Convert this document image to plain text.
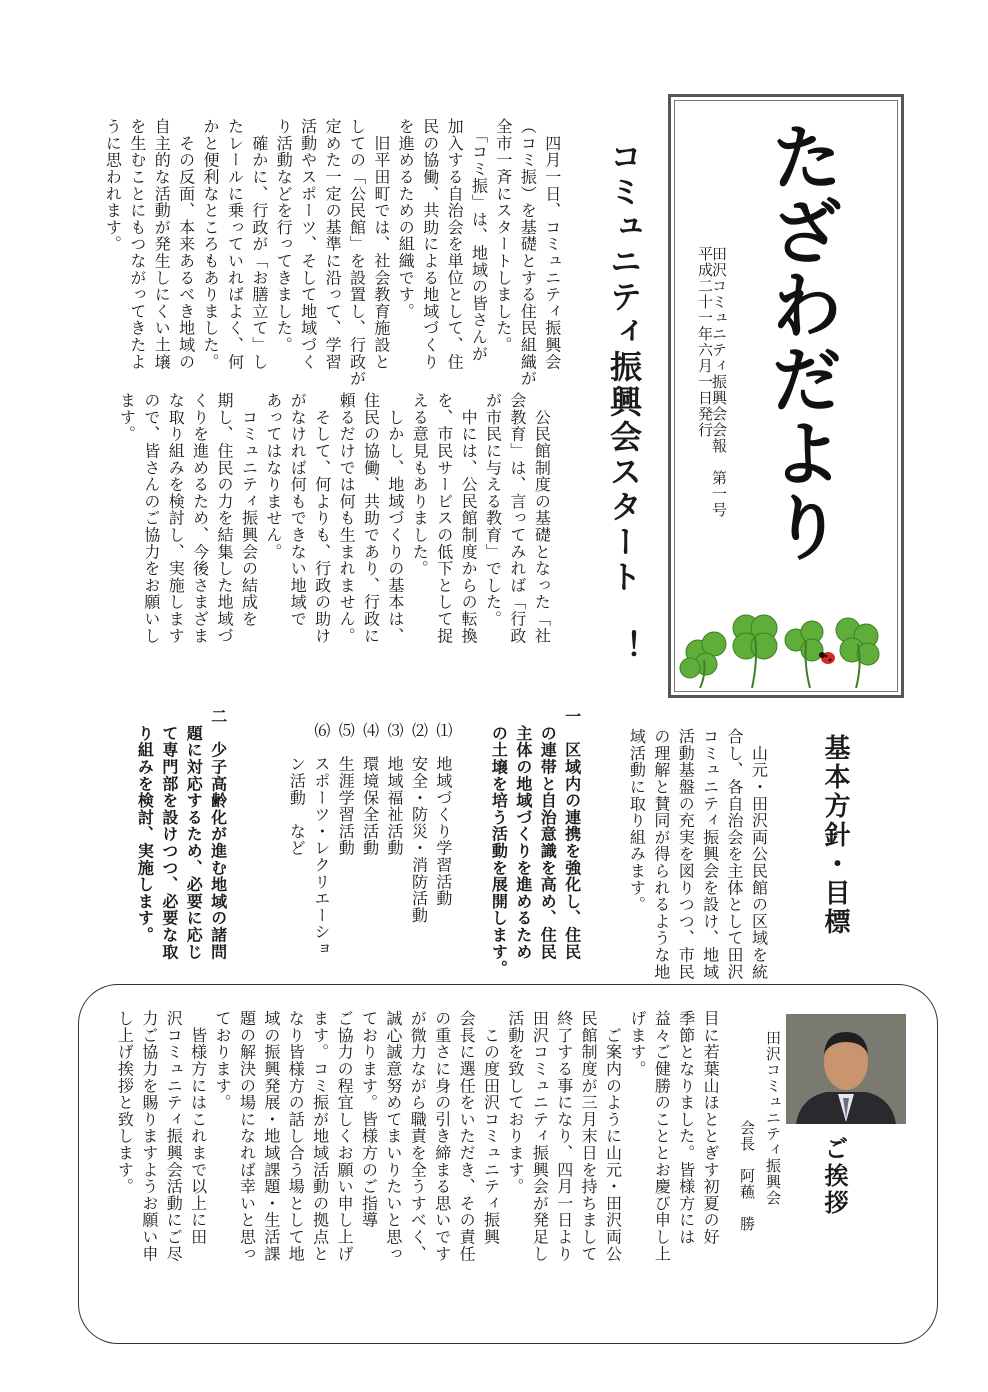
たざわだより
田沢コミュニティ振興会会報　第一号
平成二十一年六月一日発行
コミュニティ振興会スタート　！
　四月一日、コミュニティ振興会
（コミ振）を基礎とする住民組織が
全市一斉にスタートしました。
　「コミ振」は、地域の皆さんが
加入する自治会を単位として、住
民の協働、共助による地域づくり
を進めるための組織です。
　旧平田町では、社会教育施設と
しての「公民館」を設置し、行政が
定めた一定の基準に沿って、学習
活動やスポーツ、そして地域づく
り活動などを行ってきました。
　確かに、行政が「お膳立て」し
たレールに乗っていればよく、何
かと便利なところもありました。
　その反面、本来あるべき地域の
自主的な活動が発生しにくい土壌
を生むことにもつながってきたよ
うに思われます。
　公民館制度の基礎となった「社
会教育」は、言ってみれば「行政
が市民に与える教育」でした。
　中には、公民館制度からの転換
を、市民サービスの低下として捉
える意見もありました。
　しかし、地域づくりの基本は、
住民の協働、共助であり、行政に
頼るだけでは何も生まれません。
　そして、何よりも、行政の助け
がなければ何もできない地域で
あってはなりません。
　コミュニティ振興会の結成を
期し、住民の力を結集した地域づ
くりを進めるため、今後さまざま
な取り組みを検討し、実施します
ので、皆さんのご協力をお願いし
ます。
基本方針・目標
　山元・田沢両公民館の区域を統
合し、各自治会を主体として田沢
コミュニティ振興会を設け、地域
活動基盤の充実を図りつつ、市民
の理解と賛同が得られるような地
域活動に取り組みます。
一　区域内の連携を強化し、住民
　の連帯と自治意識を高め、住民
　主体の地域づくりを進めるため
　の土壌を培う活動を展開します。
⑴　地域づくり学習活動
⑵　安全・防災・消防活動
⑶　地域福祉活動
⑷　環境保全活動
⑸　生涯学習活動
⑹　スポーツ・レクリエーショ
　　ン活動　など
二　少子高齢化が進む地域の諸問
　題に対応するため、必要に応じ
　て専門部を設けつつ、必要な取
　り組みを検討、実施します。
田沢コミュニティ振興会
会長　阿蘓　勝	ご挨拶
目に若葉山ほととぎす初夏の好
季節となりました。皆様方には
益々ご健勝のこととお慶び申し上
げます。
　ご案内のように山元・田沢両公
民館制度が三月末日を持ちまして
終了する事になり、四月一日より
田沢コミュニティ振興会が発足し
活動を致しております。
　この度田沢コミュニティ振興
会長に選任をいただき、その責任
の重さに身の引き締まる思いです
が微力ながら職責を全うすべく、
誠心誠意努めてまいりたいと思っ
ております。皆様方のご指導
ご協力の程宜しくお願い申し上げ
ます。コミ振が地域活動の拠点と
なり皆様方の話し合う場として地
域の振興発展・地域課題・生活課
題の解決の場になれば幸いと思っ
ております。
　皆様方にはこれまで以上に田
沢コミュニティ振興会活動にご尽
力ご協力を賜りますようお願い申
し上げ挨拶と致します。
